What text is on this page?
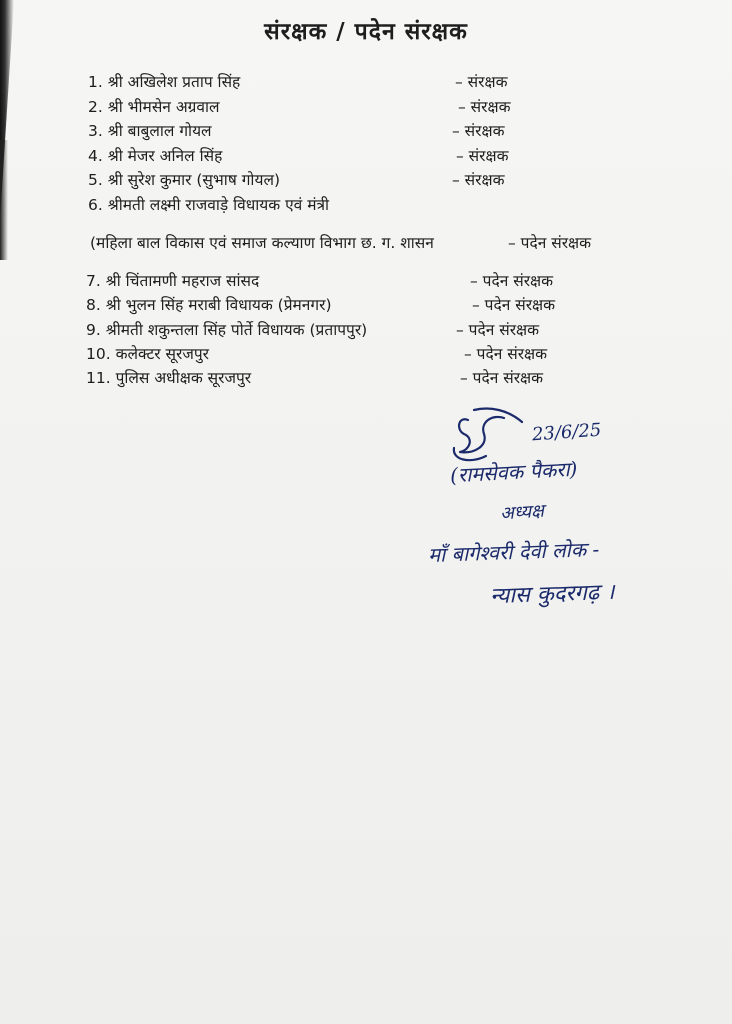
संरक्षक / पदेन संरक्षक
1. श्री अखिलेश प्रताप सिंह	– संरक्षक
2. श्री भीमसेन अग्रवाल	– संरक्षक
3. श्री बाबुलाल गोयल	– संरक्षक
4. श्री मेजर अनिल सिंह	– संरक्षक
5. श्री सुरेश कुमार (सुभाष गोयल)	– संरक्षक
6. श्रीमती लक्ष्मी राजवाड़े विधायक एवं मंत्री
(महिला बाल विकास एवं समाज कल्याण विभाग छ. ग. शासन	– पदेन संरक्षक
7. श्री चिंतामणी महराज सांसद	– पदेन संरक्षक
8. श्री भुलन सिंह मराबी विधायक (प्रेमनगर)	– पदेन संरक्षक
9. श्रीमती शकुन्तला सिंह पोर्ते विधायक (प्रतापपुर)	– पदेन संरक्षक
10. कलेक्टर सूरजपुर	– पदेन संरक्षक
11. पुलिस अधीक्षक सूरजपुर	– पदेन संरक्षक
23/6/25
(रामसेवक पैकरा)
अध्यक्ष
माँ बागेश्वरी देवी लोक -
न्यास कुदरगढ़ ।
